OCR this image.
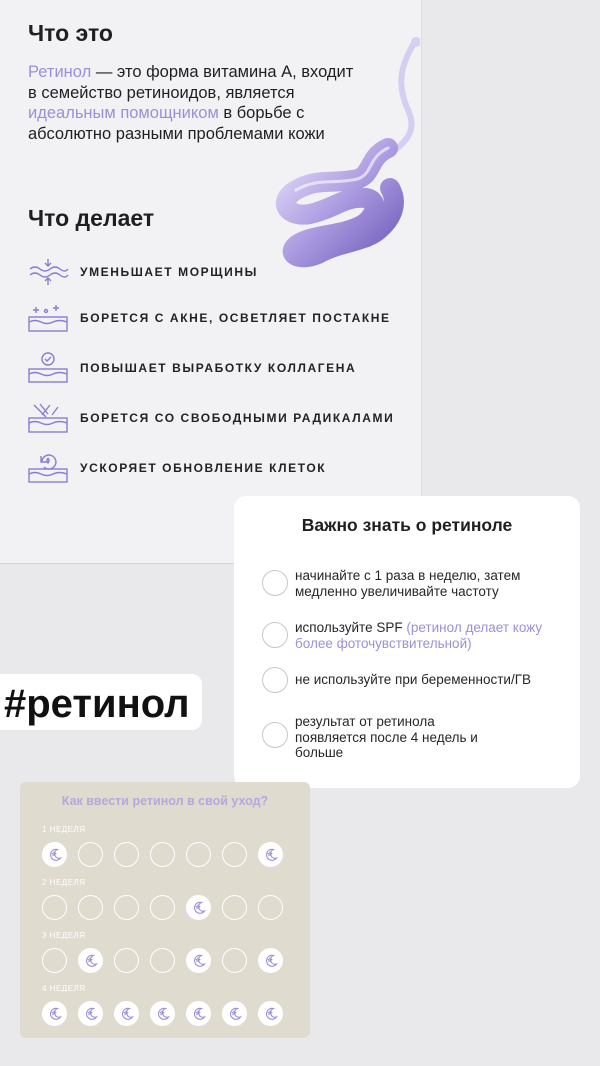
Что это
Ретинол — это форма витамина А, входит в семейство ретиноидов, является идеальным помощником в борьбе с абсолютно разными проблемами кожи
Что делает
УМЕНЬШАЕТ МОРЩИНЫ
БОРЕТСЯ С АКНЕ, ОСВЕТЛЯЕТ ПОСТАКНЕ
ПОВЫШАЕТ ВЫРАБОТКУ КОЛЛАГЕНА
БОРЕТСЯ СО СВОБОДНЫМИ РАДИКАЛАМИ
УСКОРЯЕТ ОБНОВЛЕНИЕ КЛЕТОК
Важно знать о ретиноле
начинайте с 1 раза в неделю, затем медленно увеличивайте частоту
используйте SPF (ретинол делает кожу более фоточувствительной)
не используйте при беременности/ГВ
результат от ретинола появляется после 4 недель и больше
#ретинол
Как ввести ретинол в свой уход?
1 НЕДЕЛЯ
2 НЕДЕЛЯ
3 НЕДЕЛЯ
4 НЕДЕЛЯ
